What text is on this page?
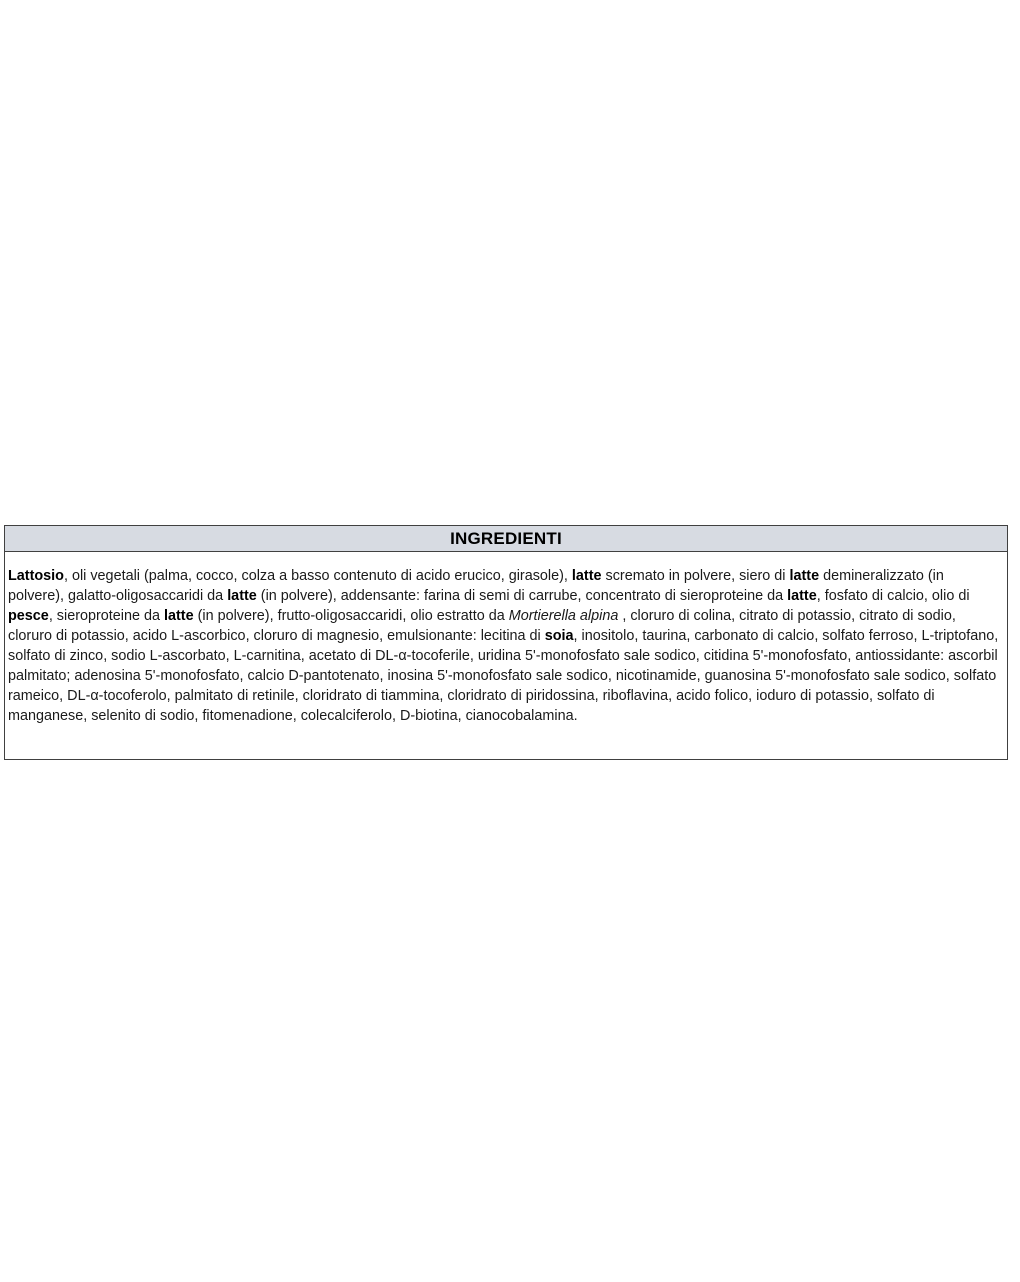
INGREDIENTI
Lattosio, oli vegetali (palma, cocco, colza a basso contenuto di acido erucico, girasole), latte scremato in polvere, siero di latte demineralizzato (in polvere), galatto-oligosaccaridi da latte (in polvere), addensante: farina di semi di carrube, concentrato di sieroproteine da latte, fosfato di calcio, olio di pesce, sieroproteine da latte (in polvere), frutto-oligosaccaridi, olio estratto da Mortierella alpina , cloruro di colina, citrato di potassio, citrato di sodio, cloruro di potassio, acido L-ascorbico, cloruro di magnesio, emulsionante: lecitina di soia, inositolo, taurina, carbonato di calcio, solfato ferroso, L-triptofano, solfato di zinco, sodio L-ascorbato, L-carnitina, acetato di DL-α-tocoferile, uridina 5'-monofosfato sale sodico, citidina 5'-monofosfato, antiossidante: ascorbil palmitato; adenosina 5'-monofosfato, calcio D-pantotenato, inosina 5'-monofosfato sale sodico, nicotinamide, guanosina 5'-monofosfato sale sodico, solfato rameico, DL-α-tocoferolo, palmitato di retinile, cloridrato di tiammina, cloridrato di piridossina, riboflavina, acido folico, ioduro di potassio, solfato di manganese, selenito di sodio, fitomenadione, colecalciferolo, D-biotina, cianocobalamina.
